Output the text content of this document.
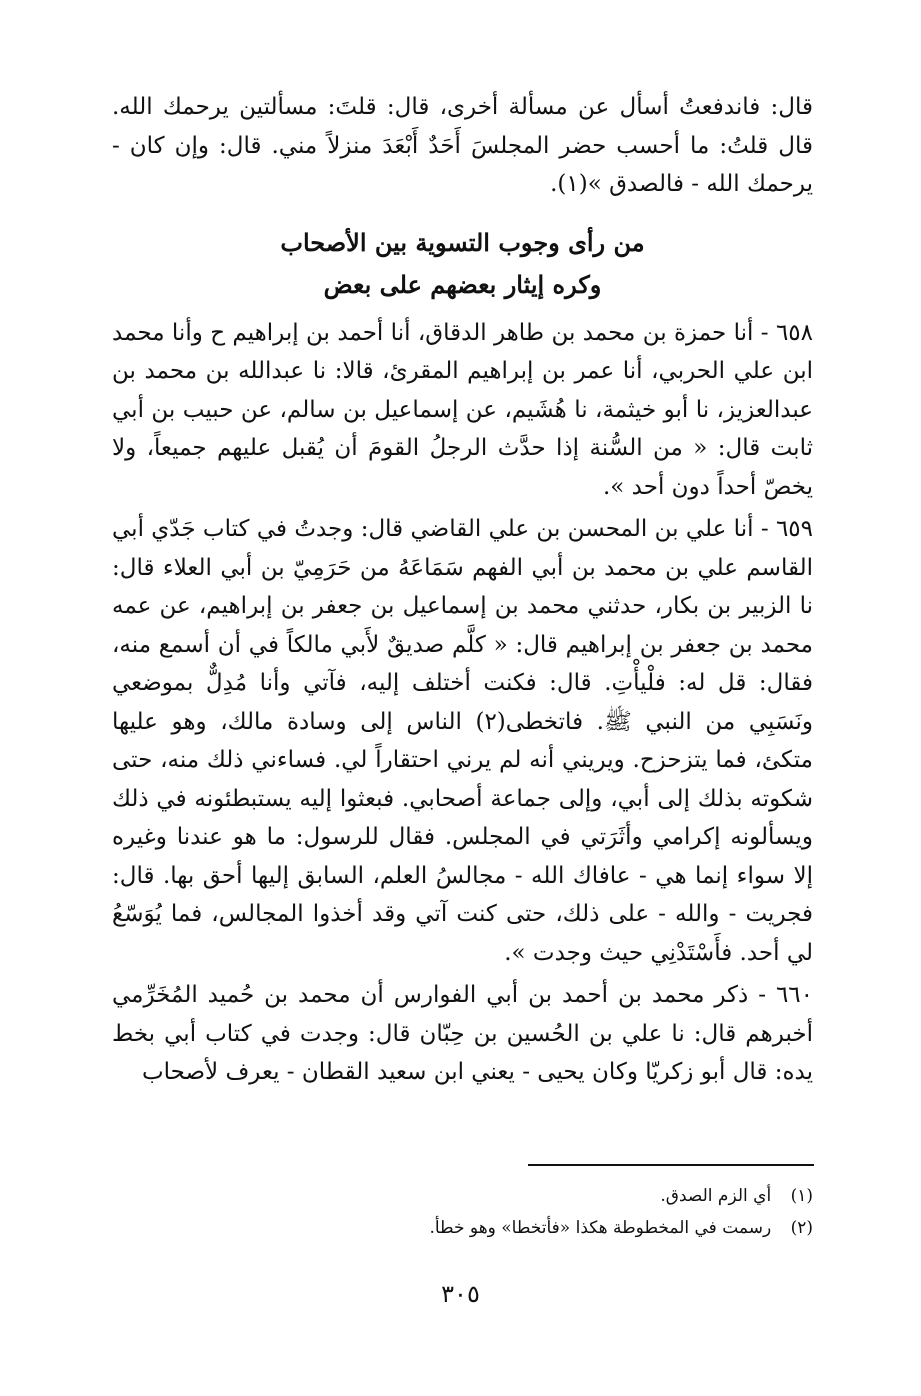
قال: فاندفعتُ أسأل عن مسألة أخرى، قال: قلتَ: مسألتين يرحمك الله. قال قلتُ: ما أحسب حضر المجلسَ أَحَدٌ أَبْعَدَ منزلاً مني. قال: وإن كان - يرحمك الله - فالصدق »(١).

من رأى وجوب التسوية بين الأصحاب

وكره إيثار بعضهم على بعض

٦٥٨ - أنا حمزة بن محمد بن طاهر الدقاق، أنا أحمد بن إبراهيم ح وأنا محمد ابن علي الحربي، أنا عمر بن إبراهيم المقرئ، قالا: نا عبدالله بن محمد بن عبدالعزيز، نا أبو خيثمة، نا هُشَيم، عن إسماعيل بن سالم، عن حبيب بن أبي ثابت قال: « من السُّنة إذا حدَّث الرجلُ القومَ أن يُقبل عليهم جميعاً، ولا يخصّ أحداً دون أحد ».

٦٥٩ - أنا علي بن المحسن بن علي القاضي قال: وجدتُ في كتاب جَدّي أبي القاسم علي بن محمد بن أبي الفهم سَمَاعَهُ من حَرَمِيّ بن أبي العلاء قال: نا الزبير بن بكار، حدثني محمد بن إسماعيل بن جعفر بن إبراهيم، عن عمه محمد بن جعفر بن إبراهيم قال: « كلَّم صديقٌ لأَبي مالكاً في أن أسمع منه، فقال: قل له: فلْيأْتِ. قال: فكنت أختلف إليه، فآتي وأنا مُدِلٌّ بموضعي ونَسَبِي من النبي ﷺ. فاتخطى(٢) الناس إلى وسادة مالك، وهو عليها متكئ، فما يتزحزح. ويريني أنه لم يرني احتقاراً لي. فساءني ذلك منه، حتى شكوته بذلك إلى أبي، وإلى جماعة أصحابي. فبعثوا إليه يستبطئونه في ذلك ويسألونه إكرامي وأثَرَتي في المجلس. فقال للرسول: ما هو عندنا وغيره إلا سواء إنما هي - عافاك الله - مجالسُ العلم، السابق إليها أحق بها. قال: فجريت - والله - على ذلك، حتى كنت آتي وقد أخذوا المجالس، فما يُوَسّعُ لي أحد. فأَسْتَدْنِي حيث وجدت ».

٦٦٠ - ذكر محمد بن أحمد بن أبي الفوارس أن محمد بن حُميد المُخَرِّمي أخبرهم قال: نا علي بن الحُسين بن حِبّان قال: وجدت في كتاب أبي بخط يده: قال أبو زكريّا وكان يحيى - يعني ابن سعيد القطان - يعرف لأصحاب

(١) أي الزم الصدق.

(٢) رسمت في المخطوطة هكذا «فأتخطا» وهو خطأ.

٣٠٥
